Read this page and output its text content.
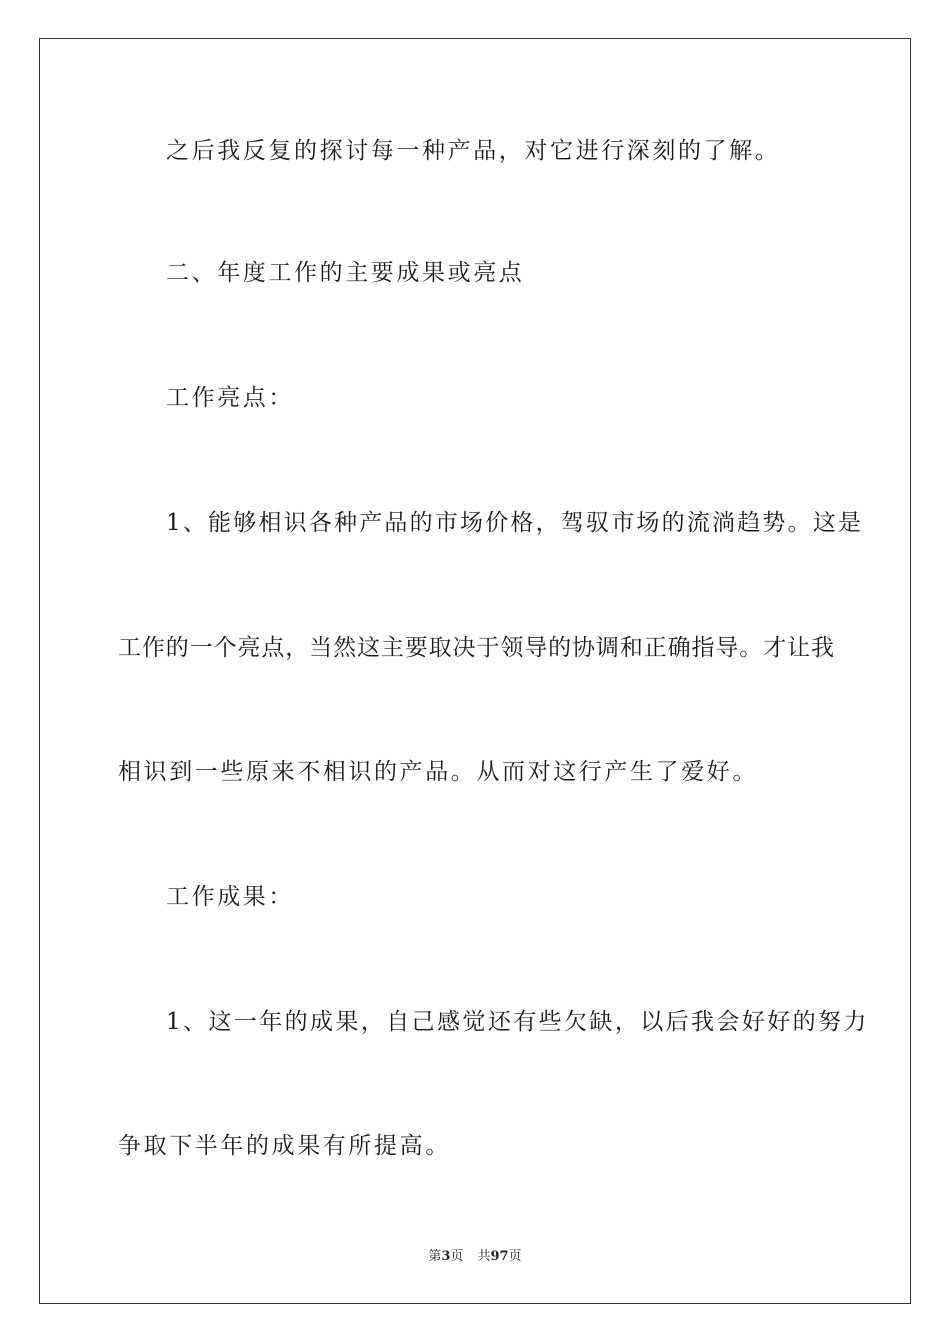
之后我反复的探讨每一种产品，对它进行深刻的了解。
二、年度工作的主要成果或亮点
工作亮点：
1、能够相识各种产品的市场价格，驾驭市场的流淌趋势。这是
工作的一个亮点，当然这主要取决于领导的协调和正确指导。才让我
相识到一些原来不相识的产品。从而对这行产生了爱好。
工作成果：
1、这一年的成果，自己感觉还有些欠缺，以后我会好好的努力
争取下半年的成果有所提高。
第3页 共97页
